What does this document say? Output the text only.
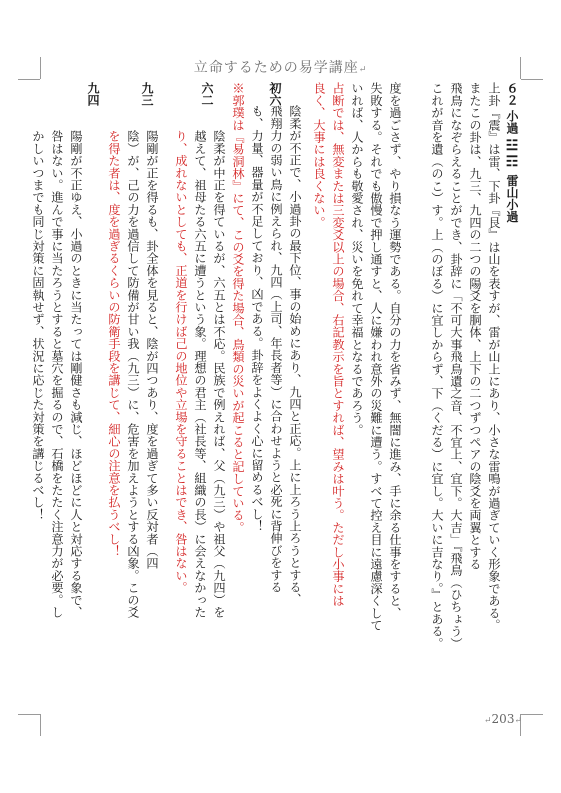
立命するための易学講座↵
６２ 小過 ☳☶ 雷山小過
上卦『震』は雷、下卦『艮』は山を表すが、雷が山上にあり、小さな雷鳴が過ぎていく形象である。
またこの卦は、九三、九四の二つの陽爻を胴体、上下の二つずつペアの陰爻を両翼とする
飛鳥になぞらえることができ、卦辞に「不可大事飛鳥遺之音、不宜上、宜下。大吉」『飛鳥（ひちょう）
これが音を遺（のこ）す。上（のぼる）に宜しからず、下（くだる）に宜し。大いに吉なり。』とある。
度を過ごさず、やり損なう運勢である。自分の力を省みず、無闇に進み、手に余る仕事をすると、
失敗する。それでも傲慢で押し通すと、人に嫌われ意外の災難に遭う。すべて控え目に遠慮深くして
いれば、人からも敬愛され、災いを免れて幸福となるであろう。
占断では、無変または三変爻以上の場合、右記教示を旨とすれば、望みは叶う。ただし小事には
良く、大事には良くない。
初六
陰柔が不正で、小過卦の最下位、事の始めにあり、九四と正応。上に上ろう上ろうとする、
飛翔力の弱い鳥に例えられ、九四（上司、年長者等）に合わせようと必死に背伸びをする
も、力量、器量が不足しており、凶である。卦辞をよくよく心に留めるべし！
※郭璞は『易洞林』にて、この爻を得た場合、鳥類の災いが起こると記している。
六二
陰柔が中正を得ているが、六五とは不応。民族で例えれば、父（九三）や祖父（九四）を
越えて、祖母たる六五に遭うという象。理想の君主（社長等、組織の長）に会えなかった
り、成れないとしても、正道を行けば己の地位や立場を守ることはでき、咎はない。
九三
陽剛が正を得るも、卦全体を見ると、陰が四つあり、度を過ぎて多い反対者（四
陰）が、己の力を過信して防備が甘い我（九三）に、危害を加えようとする凶象。この爻
を得た者は、度を過ぎるくらいの防衛手段を講じて、細心の注意を払うべし！
九四
陽剛が不正ゆえ、小過のときに当たっては剛健さも減じ、ほどほどに人と対応する象で、
咎はない。進んで事に当たろうとすると墓穴を掘るので、石橋をたたく注意力が必要。し
かしいつまでも同じ対策に固執せず、状況に応じた対策を講じるべし！
↵203↵
